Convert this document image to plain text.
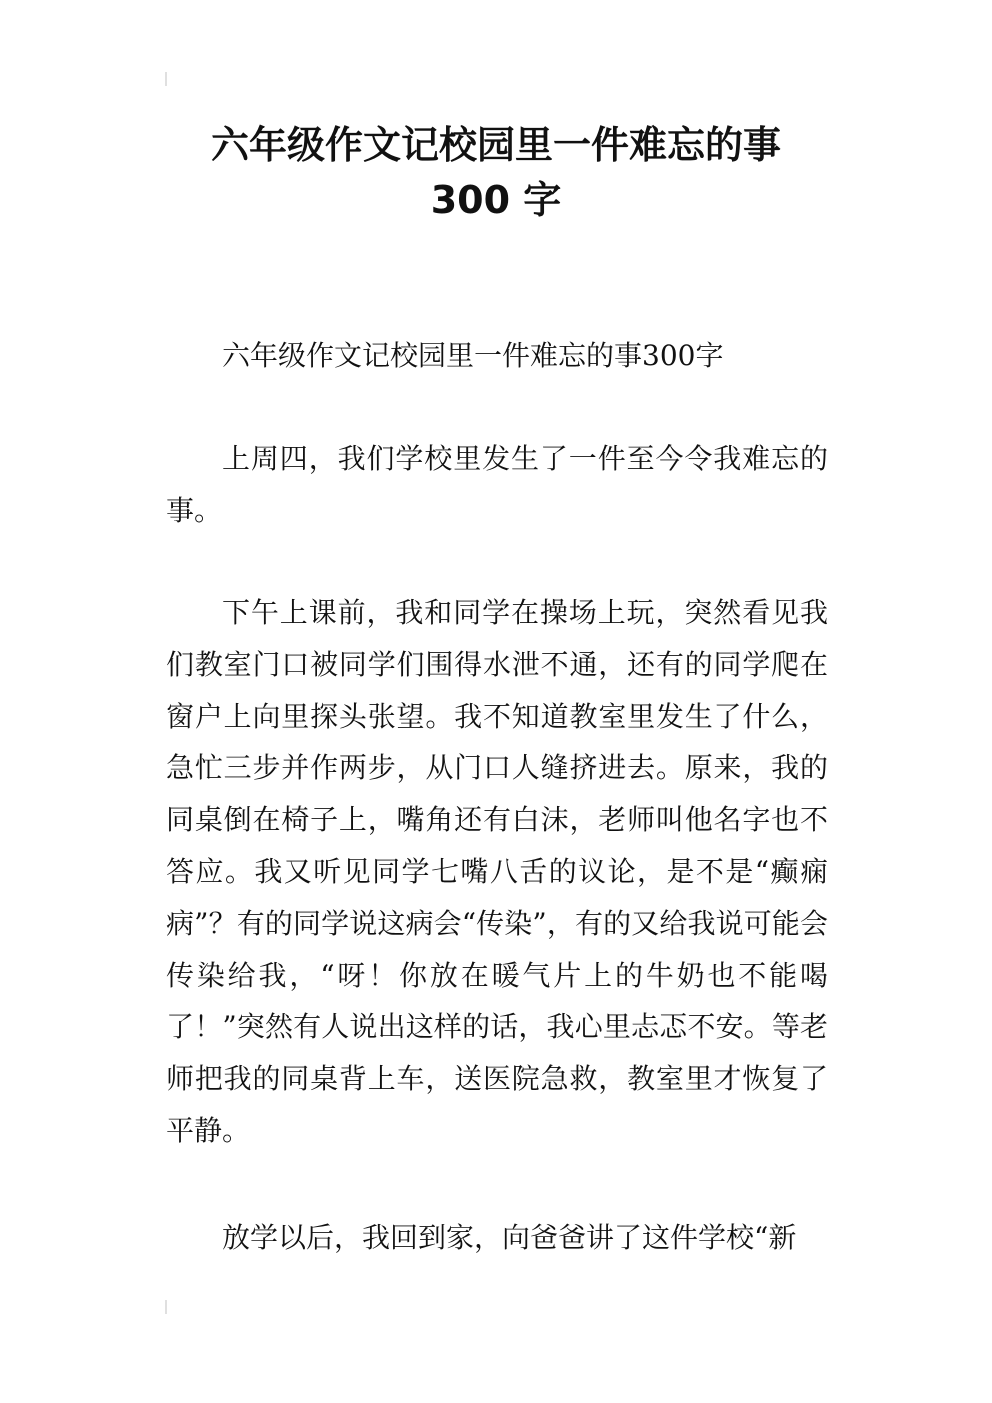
六年级作文记校园里一件难忘的事
300 字

六年级作文记校园里一件难忘的事300字

上周四，我们学校里发生了一件至今令我难忘的事。

下午上课前，我和同学在操场上玩，突然看见我们教室门口被同学们围得水泄不通，还有的同学爬在窗户上向里探头张望。我不知道教室里发生了什么，急忙三步并作两步，从门口人缝挤进去。原来，我的同桌倒在椅子上，嘴角还有白沫，老师叫他名字也不答应。我又听见同学七嘴八舌的议论，是不是“癫痫病”？有的同学说这病会“传染”，有的又给我说可能会传染给我，“呀！你放在暖气片上的牛奶也不能喝了！”突然有人说出这样的话，我心里忐忑不安。等老师把我的同桌背上车，送医院急救，教室里才恢复了平静。

放学以后，我回到家，向爸爸讲了这件学校“新
